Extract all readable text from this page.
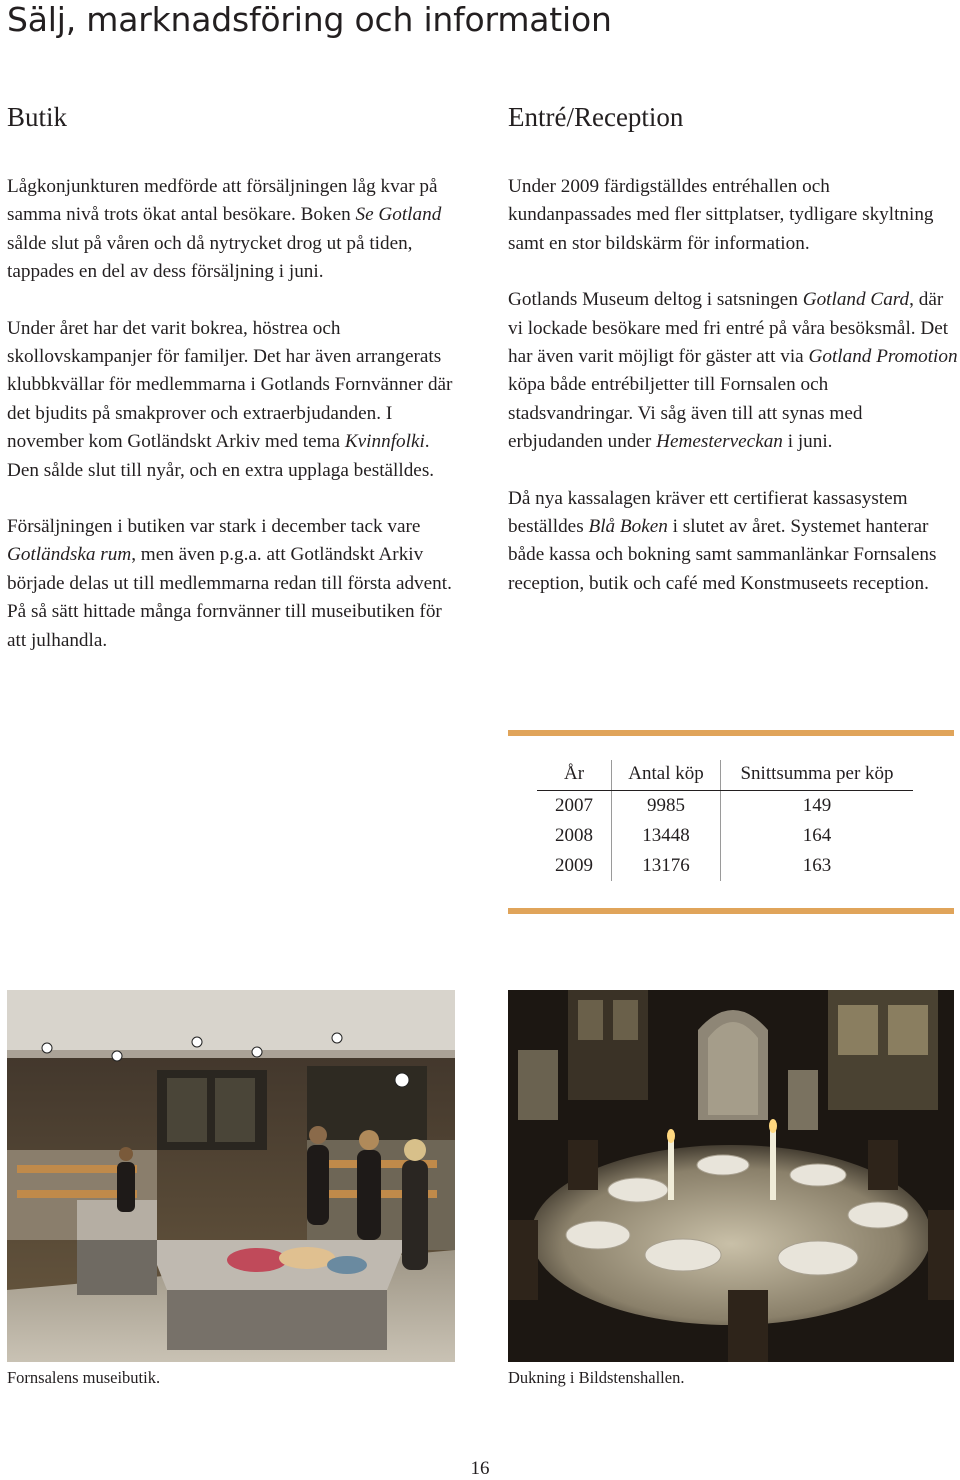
Sälj, marknadsföring och information
Butik

Lågkonjunkturen medförde att försäljningen låg kvar på samma nivå trots ökat antal besökare. Boken Se Gotland sålde slut på våren och då nytrycket drog ut på tiden, tappades en del av dess försäljning i juni.

Under året har det varit bokrea, höstrea och skollovskampanjer för familjer. Det har även arrangerats klubbkvällar för medlemmarna i Gotlands Fornvänner där det bjudits på smakprover och extraerbjudanden. I november kom Gotländskt Arkiv med tema Kvinnfolki. Den sålde slut till nyår, och en extra upplaga beställdes.

Försäljningen i butiken var stark i december tack vare Gotländska rum, men även p.g.a. att Gotländskt Arkiv började delas ut till medlemmarna redan till första advent. På så sätt hittade många fornvänner till museibutiken för att julhandla.

Entré/Reception

Under 2009 färdigställdes entréhallen och kundanpassades med fler sittplatser, tydligare skyltning samt en stor bildskärm för information.

Gotlands Museum deltog i satsningen Gotland Card, där vi lockade besökare med fri entré på våra besöksmål. Det har även varit möjligt för gäster att via Gotland Promotion köpa både entrébiljetter till Fornsalen och stadsvandringar. Vi såg även till att synas med erbjudanden under Hemesterveckan i juni.

Då nya kassalagen kräver ett certifierat kassasystem beställdes Blå Boken i slutet av året. Systemet hanterar både kassa och bokning samt sammanlänkar Fornsalens reception, butik och café med Konstmuseets reception.

År	Antal köp	Snittsumma per köp
2007	9985	149
2008	13448	164
2009	13176	163
Fornsalens museibutik.	Dukning i Bildstenshallen.
16
